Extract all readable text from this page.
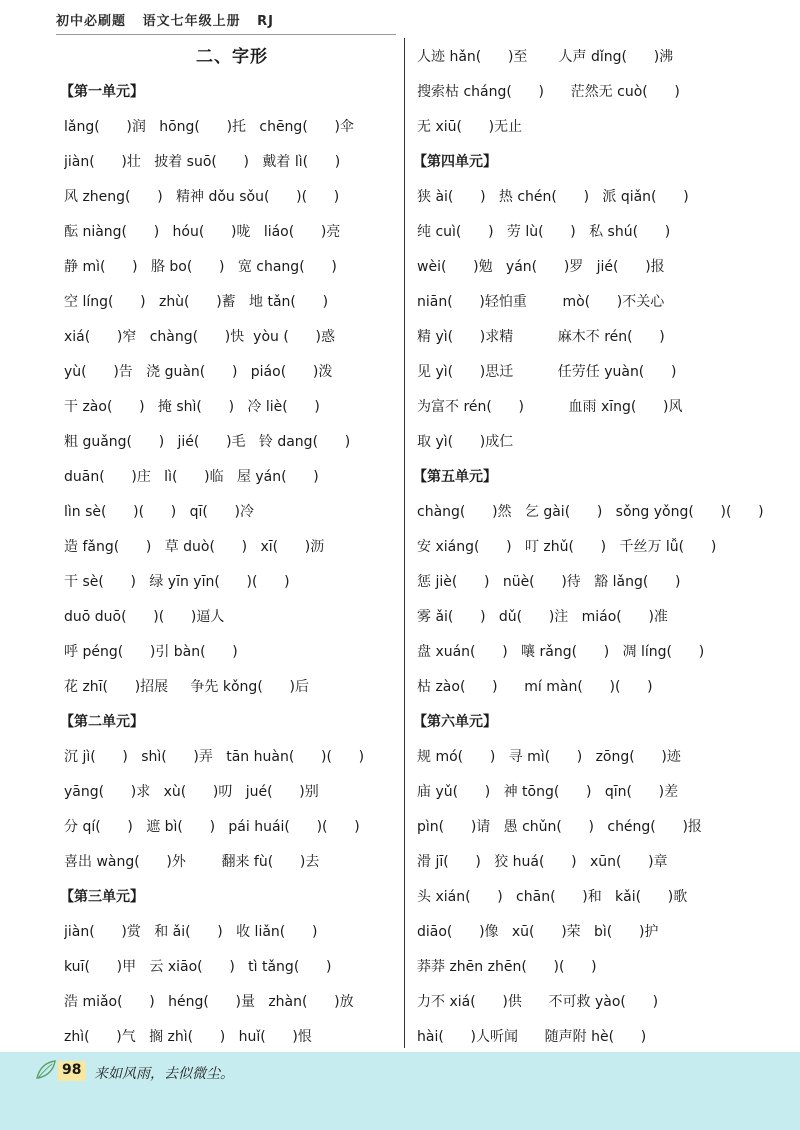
初中必刷题   语文七年级上册   RJ
二、字形
【第一单元】
lǎng(      )润   hōng(      )托   chēng(      )伞
jiàn(      )壮   披着 suō(      )   戴着 lì(      )
风 zheng(      )   精神 dǒu sǒu(      )(      )
酝 niàng(      )   hóu(      )咙   liáo(      )亮
静 mì(      )   胳 bo(      )   宽 chang(      )
空 líng(      )   zhù(      )蓄   地 tǎn(      )
xiá(      )窄   chàng(      )快  yòu (      )惑
yù(      )告   浇 guàn(      )   piáo(      )泼
干 zào(      )   掩 shì(      )   冷 liè(      )
粗 guǎng(      )   jié(      )毛   铃 dang(      )
duān(      )庄   lì(      )临   屋 yán(      )
lìn sè(      )(      )   qī(      )冷
造 fǎng(      )   草 duò(      )   xī(      )沥
干 sè(      )   绿 yīn yīn(      )(      )
duō duō(      )(      )逼人
呼 péng(      )引 bàn(      )
花 zhī(      )招展     争先 kǒng(      )后
【第二单元】
沉 jì(      )   shì(      )弄   tān huàn(      )(      )
yāng(      )求   xù(      )叨   jué(      )别
分 qí(      )   遮 bì(      )   pái huái(      )(      )
喜出 wàng(      )外        翻来 fù(      )去
【第三单元】
jiàn(      )赏   和 ǎi(      )   收 liǎn(      )
kuī(      )甲   云 xiāo(      )   tì tǎng(      )
浩 miǎo(      )   héng(      )量   zhàn(      )放
zhì(      )气   搁 zhì(      )   huǐ(      )恨
人迹 hǎn(      )至       人声 dǐng(      )沸
搜索枯 cháng(      )      茫然无 cuò(      )
无 xiū(      )无止
【第四单元】
狭 ài(      )   热 chén(      )   派 qiǎn(      )
纯 cuì(      )   劳 lù(      )   私 shú(      )
wèi(      )勉   yán(      )罗   jié(      )报
niān(      )轻怕重        mò(      )不关心
精 yì(      )求精          麻木不 rén(      )
见 yì(      )思迁          任劳任 yuàn(      )
为富不 rén(      )          血雨 xīng(      )风
取 yì(      )成仁
【第五单元】
chàng(      )然   乞 gài(      )   sǒng yǒng(      )(      )
安 xiáng(      )   叮 zhǔ(      )   千丝万 lǚ(      )
惩 jiè(      )   nüè(      )待   豁 lǎng(      )
雾 ǎi(      )   dǔ(      )注   miáo(      )准
盘 xuán(      )   嚷 rǎng(      )   凋 líng(      )
枯 zào(      )      mí màn(      )(      )
【第六单元】
规 mó(      )   寻 mì(      )   zōng(      )迹
庙 yǔ(      )   神 tōng(      )   qīn(      )差
pìn(      )请   愚 chǔn(      )   chéng(      )报
滑 jī(      )   狡 huá(      )   xūn(      )章
头 xián(      )   chān(      )和   kǎi(      )歌
diāo(      )像   xū(      )荣   bì(      )护
莽莽 zhēn zhēn(      )(      )
力不 xiá(      )供      不可救 yào(      )
hài(      )人听闻      随声附 hè(      )
98 来如风雨，去似微尘。
